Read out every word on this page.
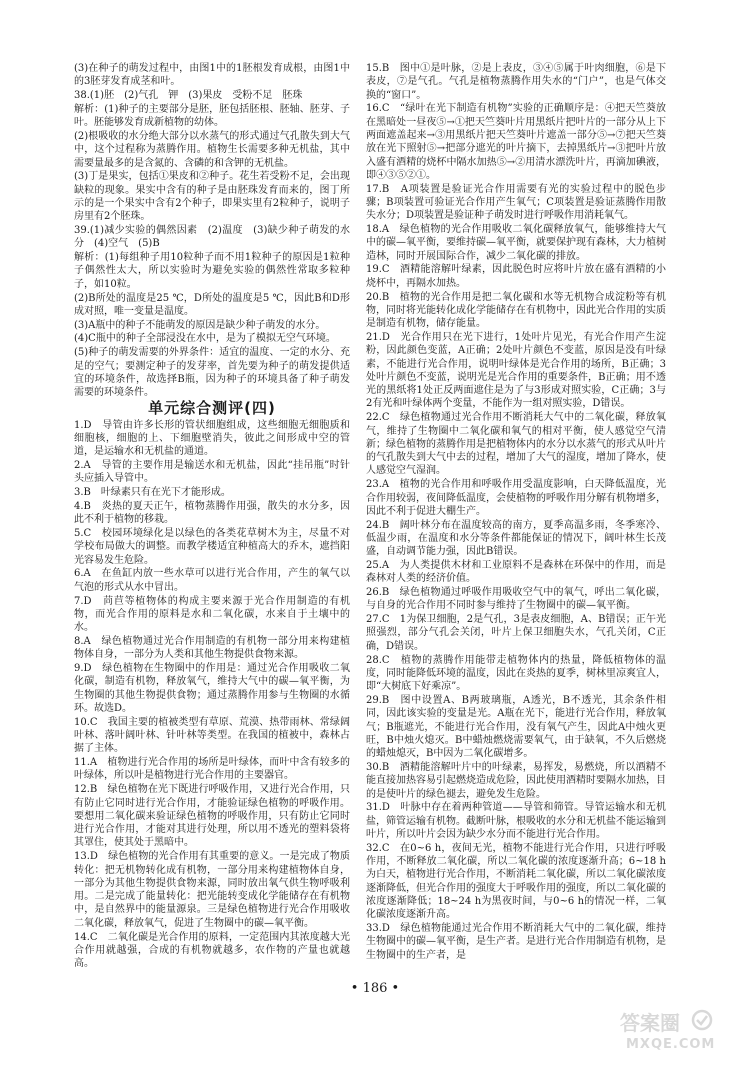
(3)在种子的萌发过程中，由图1中的1胚根发育成根，由图1中的3胚芽发育成茎和叶。

38.(1)胚　(2)气孔　钾　(3)果皮　受粉不足　胚珠

解析：(1)种子的主要部分是胚，胚包括胚根、胚轴、胚芽、子叶。胚能够发育成新植物的幼体。

(2)根吸收的水分绝大部分以水蒸气的形式通过气孔散失到大气中，这个过程称为蒸腾作用。植物生长需要多种无机盐，其中需要量最多的是含氮的、含磷的和含钾的无机盐。

(3)丁是果实，包括①果皮和②种子。花生若受粉不足，会出现缺粒的现象。果实中含有的种子是由胚珠发育而来的，图丁所示的是一个果实中含有2个种子，即果实里有2粒种子，说明子房里有2个胚珠。

39.(1)减少实验的偶然因素　(2)温度　(3)缺少种子萌发的水分　(4)空气　(5)B

解析：(1)每组种子用10粒种子而不用1粒种子的原因是1粒种子偶然性太大，所以实验时为避免实验的偶然性常取多粒种子，如10粒。

(2)B所处的温度是25 ℃，D所处的温度是5 ℃，因此B和D形成对照，唯一变量是温度。

(3)A瓶中的种子不能萌发的原因是缺少种子萌发的水分。

(4)C瓶中的种子全部浸没在水中，是为了模拟无空气环境。

(5)种子的萌发需要的外界条件：适宜的温度、一定的水分、充足的空气；要测定种子的发芽率，首先要为种子的萌发提供适宜的环境条件，故选择B瓶，因为种子的环境具备了种子萌发需要的环境条件。

单元综合测评(四)

1.D　导管由许多长形的管状细胞组成，这些细胞无细胞质和细胞核，细胞的上、下细胞壁消失，彼此之间形成中空的管道，是运输水和无机盐的通道。

2.A　导管的主要作用是输送水和无机盐，因此“挂吊瓶”时针头应插入导管中。

3.B　叶绿素只有在光下才能形成。

4.B　炎热的夏天正午，植物蒸腾作用强，散失的水分多，因此不利于植物的移栽。

5.C　校园环境绿化是以绿色的各类花草树木为主，尽量不对学校布局做大的调整。而教学楼适宜种植高大的乔木，遮挡阳光容易发生危险。

6.A　在鱼缸内放一些水草可以进行光合作用，产生的氧气以气泡的形式从水中冒出。

7.D　苘苣等植物体的构成主要来源于光合作用制造的有机物，而光合作用的原料是水和二氧化碳，水来自于土壤中的水。

8.A　绿色植物通过光合作用制造的有机物一部分用来构建植物体自身，一部分为人类和其他生物提供食物来源。

9.D　绿色植物在生物圈中的作用是：通过光合作用吸收二氧化碳，制造有机物，释放氧气，维持大气中的碳—氧平衡，为生物圈的其他生物提供食物；通过蒸腾作用参与生物圈的水循环。故选D。

10.C　我国主要的植被类型有草原、荒漠、热带雨林、常绿阔叶林、落叶阔叶林、针叶林等类型。在我国的植被中，森林占据了主体。

11.A　植物进行光合作用的场所是叶绿体，而叶中含有较多的叶绿体，所以叶是植物进行光合作用的主要器官。

12.B　绿色植物在光下既进行呼吸作用，又进行光合作用，只有防止它同时进行光合作用，才能验证绿色植物的呼吸作用。要想用二氧化碳来验证绿色植物的呼吸作用，只有防止它同时进行光合作用，才能对其进行处理，所以用不透光的塑料袋将其罩住，使其处于黑暗中。

13.D　绿色植物的光合作用有其重要的意义。一是完成了物质转化：把无机物转化成有机物，一部分用来构建植物体自身，一部分为其他生物提供食物来源，同时放出氧气供生物呼吸利用。二是完成了能量转化：把光能转变成化学能储存在有机物中，是自然界中的能量源泉。三是绿色植物进行光合作用吸收二氧化碳，释放氧气，促进了生物圈中的碳—氧平衡。

14.C　二氧化碳是光合作用的原料，一定范围内其浓度越大光合作用就越强，合成的有机物就越多，农作物的产量也就越高。

15.B　图中①是叶脉，②是上表皮，③④⑤属于叶肉细胞，⑥是下表皮，⑦是气孔。气孔是植物蒸腾作用失水的“门户”，也是气体交换的“窗口”。

16.C　“绿叶在光下制造有机物”实验的正确顺序是：④把天竺葵放在黑暗处一昼夜⑤→①把天竺葵叶片用黑纸片把叶片的一部分从上下两面遮盖起来→③用黑纸片把天竺葵叶片遮盖一部分⑤→⑦把天竺葵放在光下照射⑤→把部分遮光的叶片摘下，去掉黑纸片→③把叶片放入盛有酒精的烧杯中隔水加热⑤→②用清水漂洗叶片，再滴加碘液，即④③⑤②①。

17.B　A项装置是验证光合作用需要有光的实验过程中的脱色步骤；B项装置可验证光合作用产生氧气；C项装置是验证蒸腾作用散失水分；D项装置是验证种子萌发时进行呼吸作用消耗氧气。

18.A　绿色植物的光合作用吸收二氧化碳释放氧气，能够维持大气中的碳—氧平衡，要维持碳—氧平衡，就要保护现有森林，大力植树造林，同时开展国际合作，减少二氧化碳的排放。

19.C　酒精能溶解叶绿素，因此脱色时应将叶片放在盛有酒精的小烧杯中，再隔水加热。

20.B　植物的光合作用是把二氧化碳和水等无机物合成淀粉等有机物，同时将光能转化成化学能储存在有机物中，因此光合作用的实质是制造有机物，储存能量。

21.D　光合作用只在光下进行，1处叶片见光，有光合作用产生淀粉，因此颜色变蓝，A正确；2处叶片颜色不变蓝，原因是没有叶绿素，不能进行光合作用，说明叶绿体是光合作用的场所，B正确；3处叶片颜色不变蓝，说明光是光合作用的重要条件，B正确；用不透光的黑纸将1处正反两面遮住是为了与3形成对照实验，C正确；3与2有光和叶绿体两个变量，不能作为一组对照实验，D错误。

22.C　绿色植物通过光合作用不断消耗大气中的二氧化碳，释放氧气，维持了生物圈中二氧化碳和氧气的相对平衡，使人感觉空气清新；绿色植物的蒸腾作用是把植物体内的水分以水蒸气的形式从叶片的气孔散失到大气中去的过程，增加了大气的湿度，增加了降水，使人感觉空气湿润。

23.A　植物的光合作用和呼吸作用受温度影响，白天降低温度，光合作用较弱，夜间降低温度，会使植物的呼吸作用分解有机物增多，因此不利于促进大棚生产。

24.B　阔叶林分布在温度较高的南方，夏季高温多雨，冬季寒冷、低温少雨，在温度和水分等条件都能保证的情况下，阔叶林生长茂盛，自动调节能力强，因此B错误。

25.A　为人类提供木材和工业原料不是森林在环保中的作用，而是森林对人类的经济价值。

26.B　绿色植物通过呼吸作用吸收空气中的氧气，呼出二氧化碳，与自身的光合作用不同时参与维持了生物圈中的碳—氧平衡。

27.C　1为保卫细胞，2是气孔，3是表皮细胞，A、B错误；正午光照强烈，部分气孔会关闭，叶片上保卫细胞失水，气孔关闭，C正确，D错误。

28.C　植物的蒸腾作用能带走植物体内的热量，降低植物体的温度，同时能降低环境的温度，因此在炎热的夏季，树林里凉爽宜人，即“大树底下好乘凉”。

29.B　图中设置A、B两玻璃瓶，A透光，B不透光，其余条件相同，因此该实验的变量是光。A瓶在光下，能进行光合作用，释放氧气；B瓶遮光，不能进行光合作用，没有氧气产生，因此A中烛火更旺，B中烛火熄灭。B中蜡烛燃烧需要氧气，由于缺氧，不久后燃烧的蜡烛熄灭，B中因为二氧化碳增多。

30.B　酒精能溶解叶片中的叶绿素，易挥发，易燃烧，所以酒精不能直接加热容易引起燃烧造成危险，因此使用酒精时要隔水加热，目的是使叶片的绿色褪去，避免发生危险。

31.D　叶脉中存在着两种管道——导管和筛管。导管运输水和无机盐，筛管运输有机物。截断叶脉，根吸收的水分和无机盐不能运输到叶片，所以叶片会因为缺少水分而不能进行光合作用。

32.C　在0~6 h，夜间无光，植物不能进行光合作用，只进行呼吸作用，不断释放二氧化碳，所以二氧化碳的浓度逐渐升高；6~18 h为白天，植物进行光合作用，不断消耗二氧化碳，所以二氧化碳浓度逐渐降低，但光合作用的强度大于呼吸作用的强度，所以二氧化碳的浓度逐渐降低；18~24 h为黑夜时间，与0~6 h的情况一样，二氧化碳浓度逐渐升高。

33.D　绿色植物能通过光合作用不断消耗大气中的二氧化碳，维持生物圈中的碳—氧平衡，是生产者。是进行光合作用制造有机物，是生物圈中的生产者，是

• 186 •
答案圈
MXQE.COM
